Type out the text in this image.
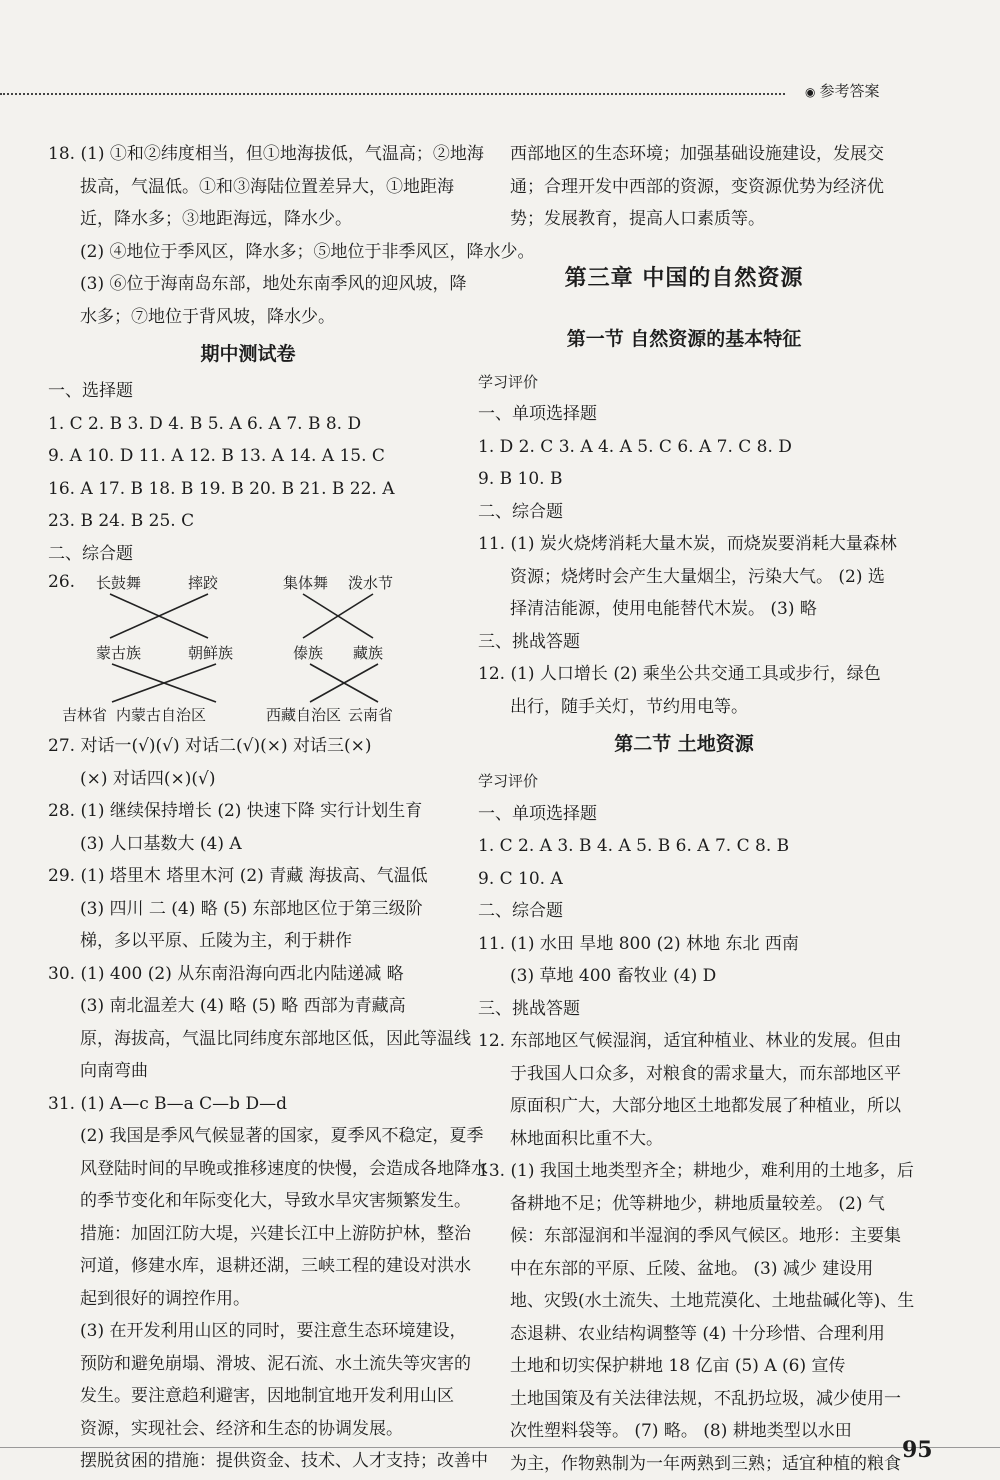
◉ 参考答案
18. (1) ①和②纬度相当，但①地海拔低，气温高；②地海
拔高，气温低。①和③海陆位置差异大，①地距海
近，降水多；③地距海远，降水少。
(2) ④地位于季风区，降水多；⑤地位于非季风区，降水少。
(3) ⑥位于海南岛东部，地处东南季风的迎风坡，降
水多；⑦地位于背风坡，降水少。
期中测试卷
一、选择题
1. C 2. B 3. D 4. B 5. A 6. A 7. B 8. D
9. A 10. D 11. A 12. B 13. A 14. A 15. C
16. A 17. B 18. B 19. B 20. B 21. B 22. A
23. B 24. B 25. C
二、综合题
26. 长鼓舞	摔跤	集体舞 泼水节
蒙古族	朝鲜族	傣族 藏族
吉林省 内蒙古自治区	西藏自治区 云南省
27. 对话一(√)(√) 对话二(√)(×) 对话三(×)
(×) 对话四(×)(√)
28. (1) 继续保持增长 (2) 快速下降 实行计划生育
(3) 人口基数大 (4) A
29. (1) 塔里木 塔里木河 (2) 青藏 海拔高、气温低
(3) 四川 二 (4) 略 (5) 东部地区位于第三级阶
梯，多以平原、丘陵为主，利于耕作
30. (1) 400 (2) 从东南沿海向西北内陆递减 略
(3) 南北温差大 (4) 略 (5) 略 西部为青藏高
原，海拔高，气温比同纬度东部地区低，因此等温线
向南弯曲
31. (1) A—c B—a C—b D—d
(2) 我国是季风气候显著的国家，夏季风不稳定，夏季
风登陆时间的早晚或推移速度的快慢，会造成各地降水
的季节变化和年际变化大，导致水旱灾害频繁发生。
措施：加固江防大堤，兴建长江中上游防护林，整治
河道，修建水库，退耕还湖，三峡工程的建设对洪水
起到很好的调控作用。
(3) 在开发利用山区的同时，要注意生态环境建设，
预防和避免崩塌、滑坡、泥石流、水土流失等灾害的
发生。要注意趋利避害，因地制宜地开发利用山区
资源，实现社会、经济和生态的协调发展。
摆脱贫困的措施：提供资金、技术、人才支持；改善中
西部地区的生态环境；加强基础设施建设，发展交
通；合理开发中西部的资源，变资源优势为经济优
势；发展教育，提高人口素质等。
第三章 中国的自然资源
第一节 自然资源的基本特征
学习评价
一、单项选择题
1. D 2. C 3. A 4. A 5. C 6. A 7. C 8. D
9. B 10. B
二、综合题
11. (1) 炭火烧烤消耗大量木炭，而烧炭要消耗大量森林
资源；烧烤时会产生大量烟尘，污染大气。 (2) 选
择清洁能源，使用电能替代木炭。 (3) 略
三、挑战答题
12. (1) 人口增长 (2) 乘坐公共交通工具或步行，绿色
出行，随手关灯，节约用电等。
第二节 土地资源
学习评价
一、单项选择题
1. C 2. A 3. B 4. A 5. B 6. A 7. C 8. B
9. C 10. A
二、综合题
11. (1) 水田 旱地 800 (2) 林地 东北 西南
(3) 草地 400 畜牧业 (4) D
三、挑战答题
12. 东部地区气候湿润，适宜种植业、林业的发展。但由
于我国人口众多，对粮食的需求量大，而东部地区平
原面积广大，大部分地区土地都发展了种植业，所以
林地面积比重不大。
13. (1) 我国土地类型齐全；耕地少，难利用的土地多，后
备耕地不足；优等耕地少，耕地质量较差。 (2) 气
候：东部湿润和半湿润的季风气候区。地形：主要集
中在东部的平原、丘陵、盆地。 (3) 减少 建设用
地、灾毁(水土流失、土地荒漠化、土地盐碱化等)、生
态退耕、农业结构调整等 (4) 十分珍惜、合理利用
土地和切实保护耕地 18 亿亩 (5) A (6) 宣传
土地国策及有关法律法规，不乱扔垃圾，减少使用一
次性塑料袋等。 (7) 略。 (8) 耕地类型以水田
为主，作物熟制为一年两熟到三熟；适宜种植的粮食
95
